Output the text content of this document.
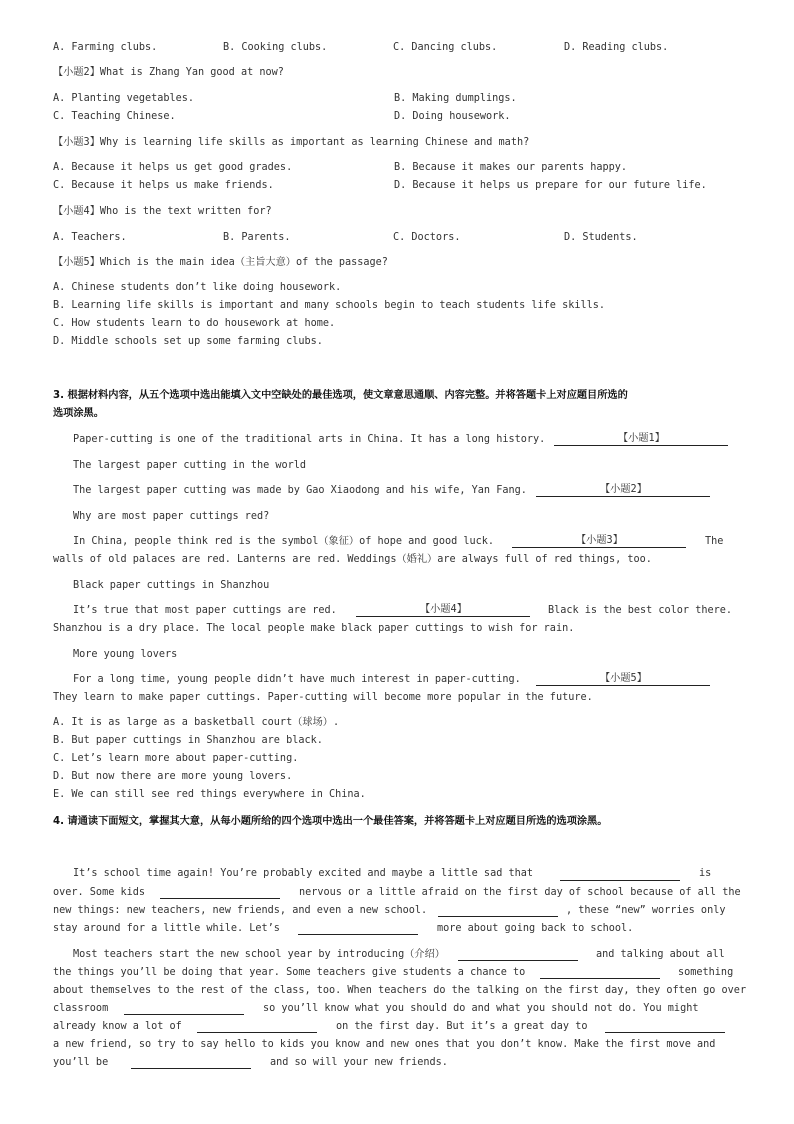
A. Farming clubs.	B. Cooking clubs.	C. Dancing clubs.	D. Reading clubs.
【小题2】What is Zhang Yan good at now?
A. Planting vegetables.	B. Making dumplings.
C. Teaching Chinese.	D. Doing housework.
【小题3】Why is learning life skills as important as learning Chinese and math?
A. Because it helps us get good grades.	B. Because it makes our parents happy.
C. Because it helps us make friends.	D. Because it helps us prepare for our future life.
【小题4】Who is the text written for?
A. Teachers.	B. Parents.	C. Doctors.	D. Students.
【小题5】Which is the main idea（主旨大意）of the passage?
A. Chinese students don’t like doing housework.
B. Learning life skills is important and many schools begin to teach students life skills.
C. How students learn to do housework at home.
D. Middle schools set up some farming clubs.
3. 根据材料内容，从五个选项中选出能填入文中空缺处的最佳选项，使文章意思通顺、内容完整。并将答题卡上对应题目所选的
选项涂黑。
Paper-cutting is one of the traditional arts in China. It has a long history.	【小题1】
The largest paper cutting in the world
The largest paper cutting was made by Gao Xiaodong and his wife, Yan Fang.	【小题2】
Why are most paper cuttings red?
In China, people think red is the symbol（象征）of hope and good luck.	【小题3】	The
walls of old palaces are red. Lanterns are red. Weddings（婚礼）are always full of red things, too.
Black paper cuttings in Shanzhou
It’s true that most paper cuttings are red.	【小题4】	Black is the best color there.
Shanzhou is a dry place. The local people make black paper cuttings to wish for rain.
More young lovers
For a long time, young people didn’t have much interest in paper-cutting.	【小题5】
They learn to make paper cuttings. Paper-cutting will become more popular in the future.
A. It is as large as a basketball court（球场）.
B. But paper cuttings in Shanzhou are black.
C. Let’s learn more about paper-cutting.
D. But now there are more young lovers.
E. We can still see red things everywhere in China.
4. 请通读下面短文，掌握其大意，从每小题所给的四个选项中选出一个最佳答案，并将答题卡上对应题目所选的选项涂黑。
It’s school time again! You’re probably excited and maybe a little sad that	is
over. Some kids	nervous or a little afraid on the first day of school because of all the
new things: new teachers, new friends, and even a new school.	, these “new” worries only
stay around for a little while. Let’s	more about going back to school.
Most teachers start the new school year by introducing（介绍）	and talking about all
the things you’ll be doing that year. Some teachers give students a chance to	something
about themselves to the rest of the class, too. When teachers do the talking on the first day, they often go over
classroom	so you’ll know what you should do and what you should not do. You might
already know a lot of	on the first day. But it’s a great day to
a new friend, so try to say hello to kids you know and new ones that you don’t know. Make the first move and
you’ll be	and so will your new friends.
